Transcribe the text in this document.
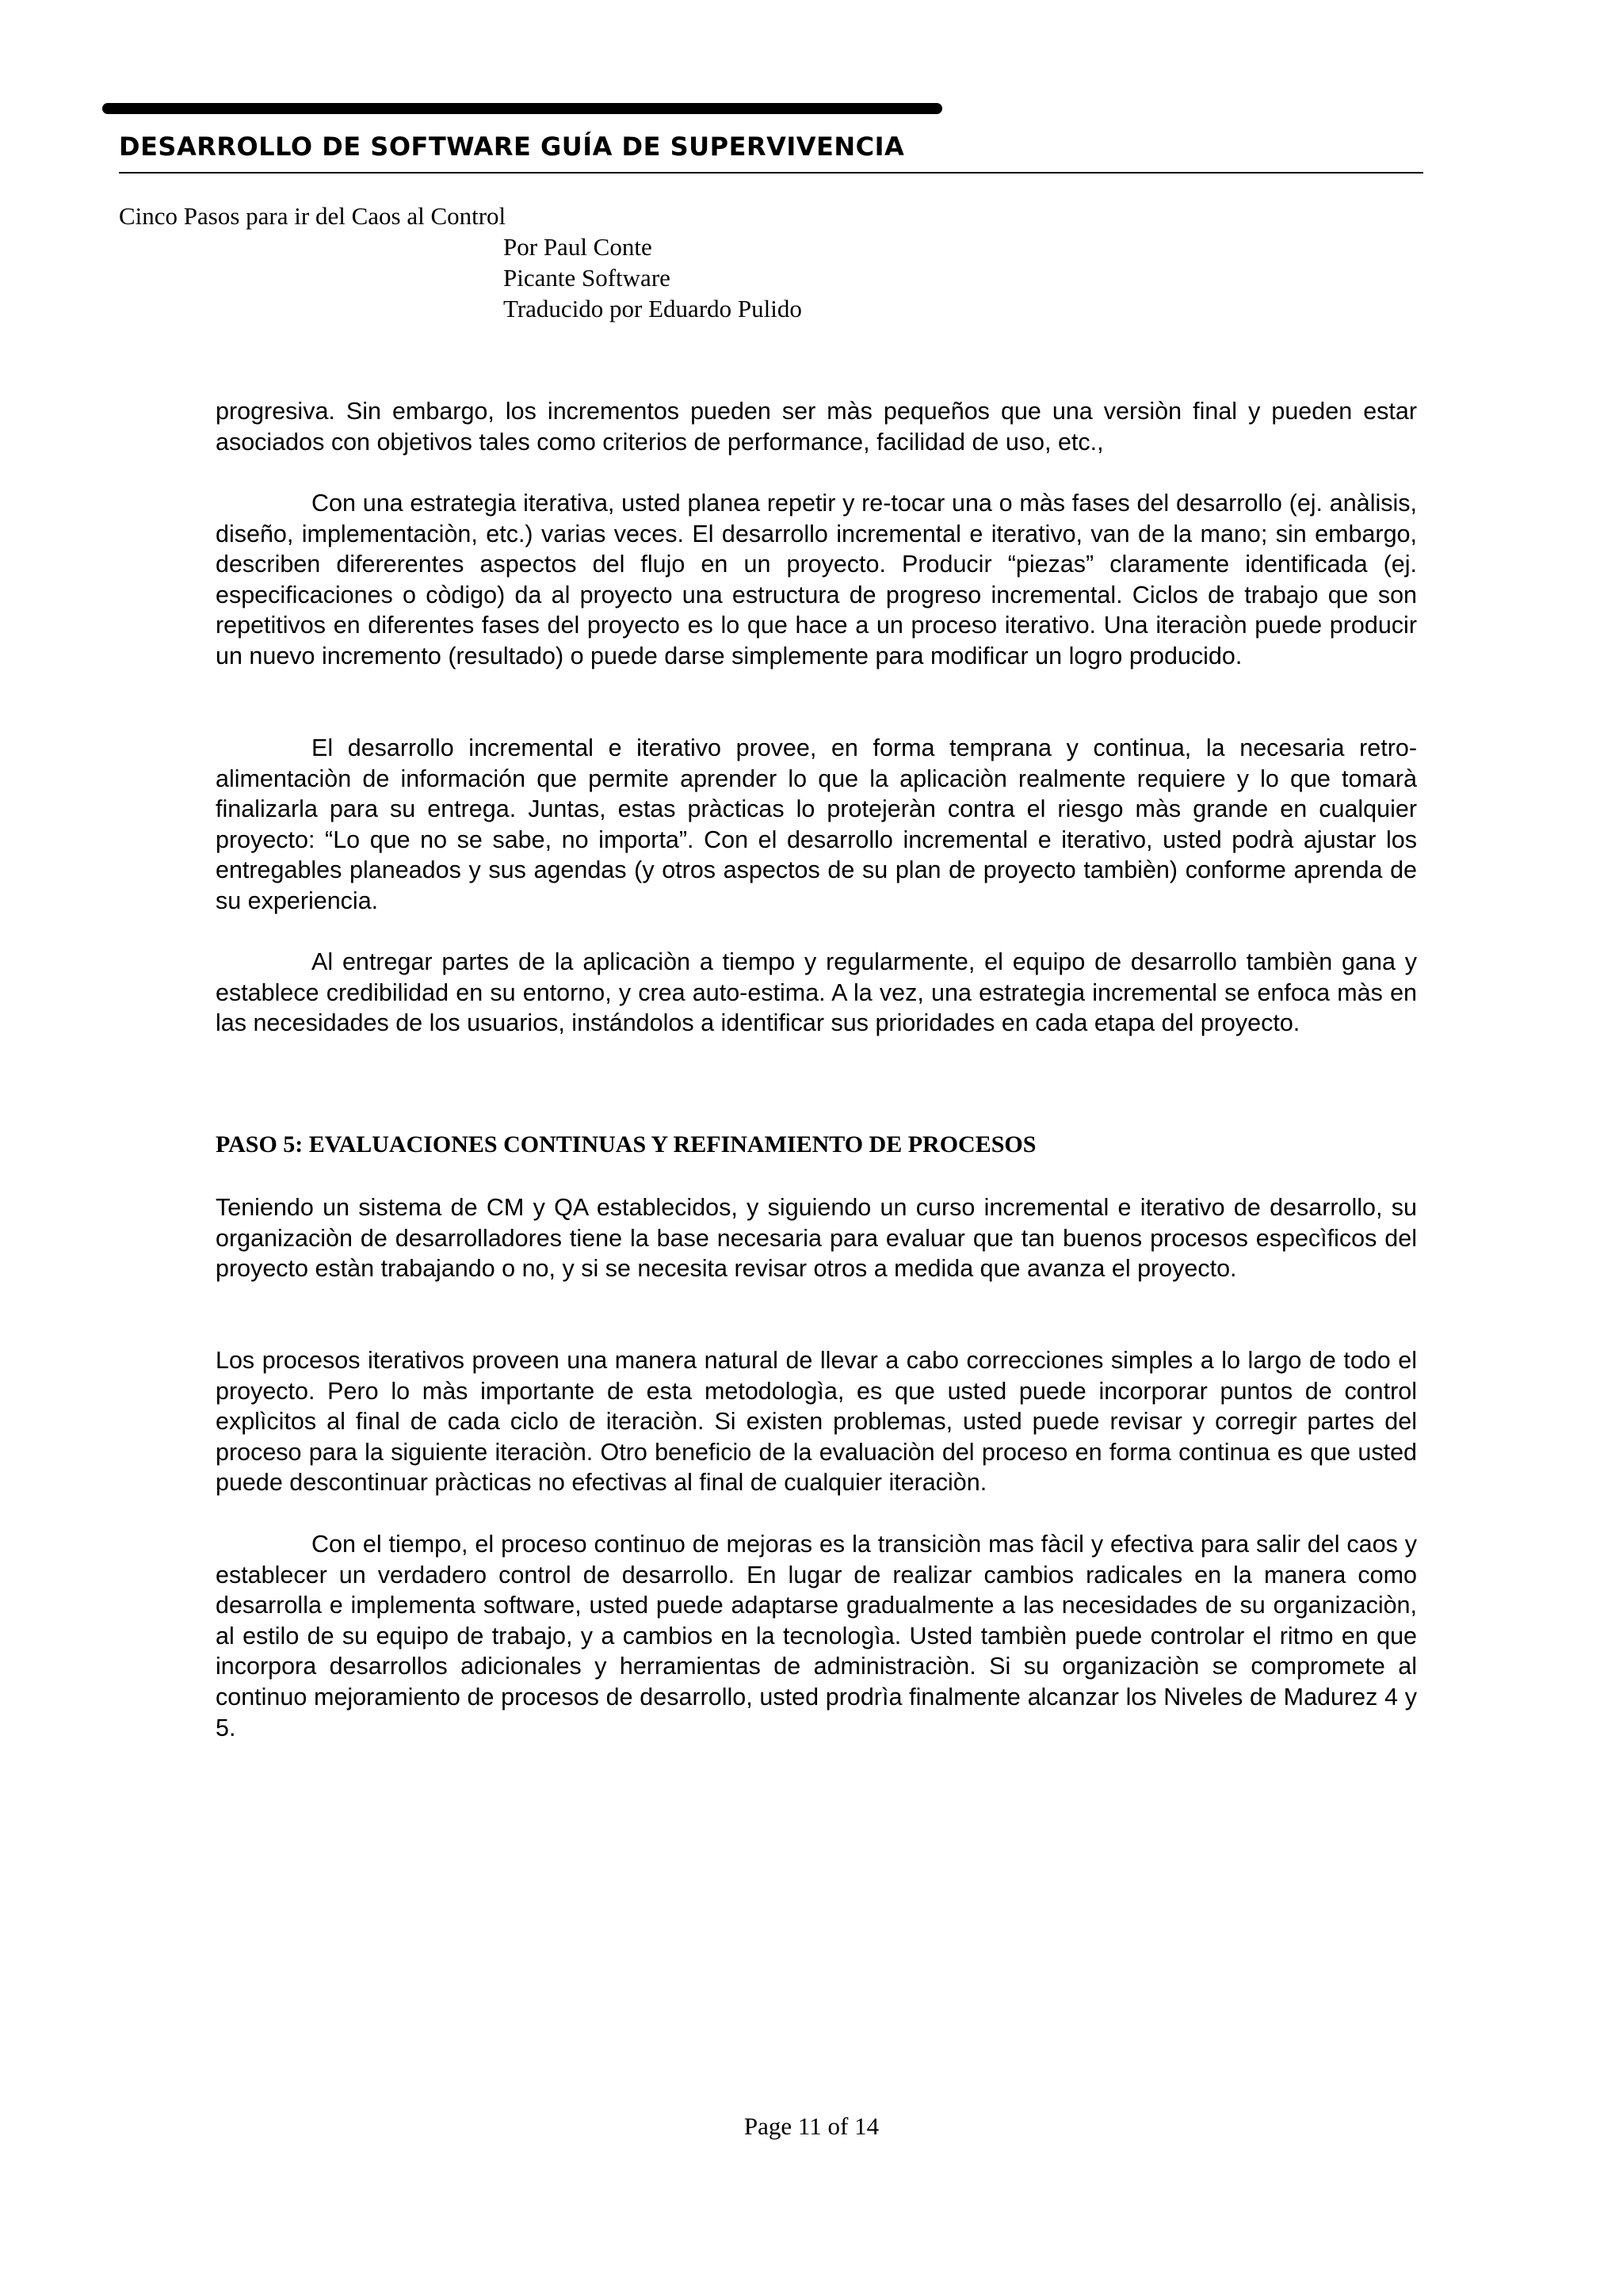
DESARROLLO DE SOFTWARE GUÍA DE SUPERVIVENCIA
Cinco Pasos para ir del Caos al Control
Por Paul Conte
Picante Software
Traducido por Eduardo Pulido

progresiva. Sin embargo, los incrementos pueden ser màs pequeños que una versiòn final y pueden estar asociados con objetivos tales como criterios de performance, facilidad de uso, etc.,

Con una estrategia iterativa, usted planea repetir y re-tocar una o màs fases del desarrollo (ej. anàlisis, diseño, implementaciòn, etc.) varias veces. El desarrollo incremental e iterativo, van de la mano; sin embargo, describen difererentes aspectos del flujo en un proyecto. Producir “piezas” claramente identificada (ej. especificaciones o còdigo) da al proyecto una estructura de progreso incremental. Ciclos de trabajo que son repetitivos en diferentes fases del proyecto es lo que hace a un proceso iterativo. Una iteraciòn puede producir un nuevo incremento (resultado) o puede darse simplemente para modificar un logro producido.

El desarrollo incremental e iterativo provee, en forma temprana y continua, la necesaria retro-alimentaciòn de información que permite aprender lo que la aplicaciòn realmente requiere y lo que tomarà finalizarla para su entrega. Juntas, estas pràcticas lo protejeràn contra el riesgo màs grande en cualquier proyecto: “Lo que no se sabe, no importa”. Con el desarrollo incremental e iterativo, usted podrà ajustar los entregables planeados y sus agendas (y otros aspectos de su plan de proyecto tambièn) conforme aprenda de su experiencia.

Al entregar partes de la aplicaciòn a tiempo y regularmente, el equipo de desarrollo tambièn gana y establece credibilidad en su entorno, y crea auto-estima. A la vez, una estrategia incremental se enfoca màs en las necesidades de los usuarios, instándolos a identificar sus prioridades en cada etapa del proyecto.

PASO 5: EVALUACIONES CONTINUAS Y REFINAMIENTO DE PROCESOS

Teniendo un sistema de CM y QA establecidos, y siguiendo un curso incremental e iterativo de desarrollo, su organizaciòn de desarrolladores tiene la base necesaria para evaluar que tan buenos procesos especìficos del proyecto estàn trabajando o no, y si se necesita revisar otros a medida que avanza el proyecto.

Los procesos iterativos proveen una manera natural de llevar a cabo correcciones simples a lo largo de todo el proyecto. Pero lo màs importante de esta metodologìa, es que usted puede incorporar puntos de control explìcitos al final de cada ciclo de iteraciòn. Si existen problemas, usted puede revisar y corregir partes del proceso para la siguiente iteraciòn. Otro beneficio de la evaluaciòn del proceso en forma continua es que usted puede descontinuar pràcticas no efectivas al final de cualquier iteraciòn.

Con el tiempo, el proceso continuo de mejoras es la transiciòn mas fàcil y efectiva para salir del caos y establecer un verdadero control de desarrollo. En lugar de realizar cambios radicales en la manera como desarrolla e implementa software, usted puede adaptarse gradualmente a las necesidades de su organizaciòn, al estilo de su equipo de trabajo, y a cambios en la tecnologìa. Usted tambièn puede controlar el ritmo en que incorpora desarrollos adicionales y herramientas de administraciòn. Si su organizaciòn se compromete al continuo mejoramiento de procesos de desarrollo, usted prodrìa finalmente alcanzar los Niveles de Madurez 4 y 5.

Page 11 of 14
